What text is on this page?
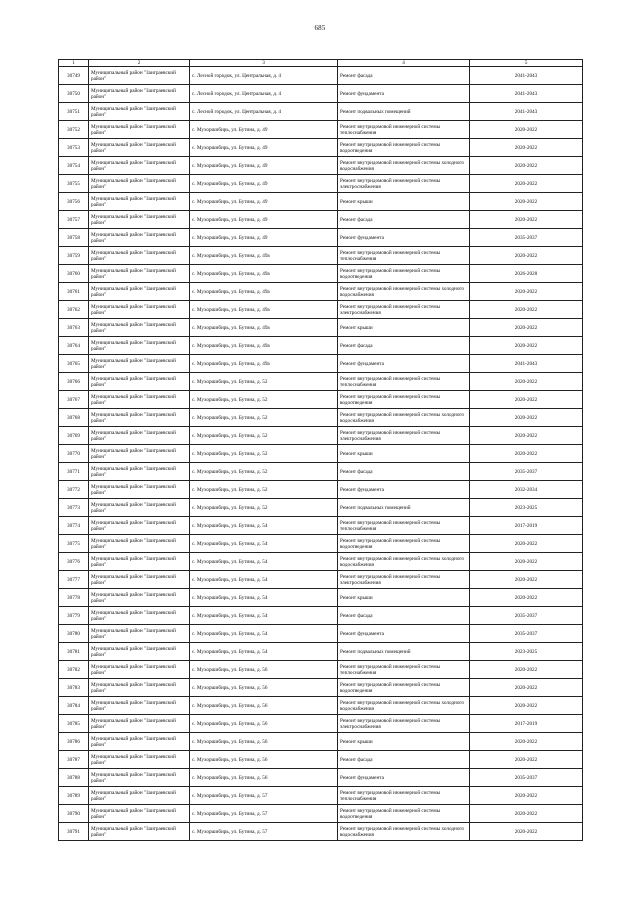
685
1	2	3	4	5
30749	Муниципальный район "Заиграевский район"	с. Лесной городок, ул. Центральная, д. 4	Ремонт фасада	2041-2043
30750	Муниципальный район "Заиграевский район"	с. Лесной городок, ул. Центральная, д. 4	Ремонт фундамента	2041-2043
30751	Муниципальный район "Заиграевский район"	с. Лесной городок, ул. Центральная, д. 4	Ремонт подвальных помещений	2041-2043
30752	Муниципальный район "Заиграевский район"	с. Мухоршибирь, ул. Бутина, д. 49	Ремонт внутридомовой инженерной системы теплоснабжения	2020-2022
30753	Муниципальный район "Заиграевский район"	с. Мухоршибирь, ул. Бутина, д. 49	Ремонт внутридомовой инженерной системы водоотведения	2020-2022
30754	Муниципальный район "Заиграевский район"	с. Мухоршибирь, ул. Бутина, д. 49	Ремонт внутридомовой инженерной системы холодного водоснабжения	2020-2022
30755	Муниципальный район "Заиграевский район"	с. Мухоршибирь, ул. Бутина, д. 49	Ремонт внутридомовой инженерной системы электроснабжения	2020-2022
30756	Муниципальный район "Заиграевский район"	с. Мухоршибирь, ул. Бутина, д. 49	Ремонт крыши	2020-2022
30757	Муниципальный район "Заиграевский район"	с. Мухоршибирь, ул. Бутина, д. 49	Ремонт фасада	2020-2022
30758	Муниципальный район "Заиграевский район"	с. Мухоршибирь, ул. Бутина, д. 49	Ремонт фундамента	2035-2037
30759	Муниципальный район "Заиграевский район"	с. Мухоршибирь, ул. Бутина, д. 49а	Ремонт внутридомовой инженерной системы теплоснабжения	2020-2022
30760	Муниципальный район "Заиграевский район"	с. Мухоршибирь, ул. Бутина, д. 49а	Ремонт внутридомовой инженерной системы водоотведения	2026-2028
30761	Муниципальный район "Заиграевский район"	с. Мухоршибирь, ул. Бутина, д. 49а	Ремонт внутридомовой инженерной системы холодного водоснабжения	2020-2022
30762	Муниципальный район "Заиграевский район"	с. Мухоршибирь, ул. Бутина, д. 49а	Ремонт внутридомовой инженерной системы электроснабжения	2020-2022
30763	Муниципальный район "Заиграевский район"	с. Мухоршибирь, ул. Бутина, д. 49а	Ремонт крыши	2020-2022
30764	Муниципальный район "Заиграевский район"	с. Мухоршибирь, ул. Бутина, д. 49а	Ремонт фасада	2020-2022
30765	Муниципальный район "Заиграевский район"	с. Мухоршибирь, ул. Бутина, д. 49а	Ремонт фундамента	2041-2043
30766	Муниципальный район "Заиграевский район"	с. Мухоршибирь, ул. Бутина, д. 52	Ремонт внутридомовой инженерной системы теплоснабжения	2020-2022
30767	Муниципальный район "Заиграевский район"	с. Мухоршибирь, ул. Бутина, д. 52	Ремонт внутридомовой инженерной системы водоотведения	2020-2022
30768	Муниципальный район "Заиграевский район"	с. Мухоршибирь, ул. Бутина, д. 52	Ремонт внутридомовой инженерной системы холодного водоснабжения	2020-2022
30769	Муниципальный район "Заиграевский район"	с. Мухоршибирь, ул. Бутина, д. 52	Ремонт внутридомовой инженерной системы электроснабжения	2020-2022
30770	Муниципальный район "Заиграевский район"	с. Мухоршибирь, ул. Бутина, д. 52	Ремонт крыши	2020-2022
30771	Муниципальный район "Заиграевский район"	с. Мухоршибирь, ул. Бутина, д. 52	Ремонт фасада	2035-2037
30772	Муниципальный район "Заиграевский район"	с. Мухоршибирь, ул. Бутина, д. 52	Ремонт фундамента	2032-2034
30773	Муниципальный район "Заиграевский район"	с. Мухоршибирь, ул. Бутина, д. 52	Ремонт подвальных помещений	2023-2025
30774	Муниципальный район "Заиграевский район"	с. Мухоршибирь, ул. Бутина, д. 54	Ремонт внутридомовой инженерной системы теплоснабжения	2017-2019
30775	Муниципальный район "Заиграевский район"	с. Мухоршибирь, ул. Бутина, д. 54	Ремонт внутридомовой инженерной системы водоотведения	2020-2022
30776	Муниципальный район "Заиграевский район"	с. Мухоршибирь, ул. Бутина, д. 54	Ремонт внутридомовой инженерной системы холодного водоснабжения	2020-2022
30777	Муниципальный район "Заиграевский район"	с. Мухоршибирь, ул. Бутина, д. 54	Ремонт внутридомовой инженерной системы электроснабжения	2020-2022
30778	Муниципальный район "Заиграевский район"	с. Мухоршибирь, ул. Бутина, д. 54	Ремонт крыши	2020-2022
30779	Муниципальный район "Заиграевский район"	с. Мухоршибирь, ул. Бутина, д. 54	Ремонт фасада	2035-2037
30780	Муниципальный район "Заиграевский район"	с. Мухоршибирь, ул. Бутина, д. 54	Ремонт фундамента	2035-2037
30781	Муниципальный район "Заиграевский район"	с. Мухоршибирь, ул. Бутина, д. 54	Ремонт подвальных помещений	2023-2025
30782	Муниципальный район "Заиграевский район"	с. Мухоршибирь, ул. Бутина, д. 56	Ремонт внутридомовой инженерной системы теплоснабжения	2020-2022
30783	Муниципальный район "Заиграевский район"	с. Мухоршибирь, ул. Бутина, д. 56	Ремонт внутридомовой инженерной системы водоотведения	2020-2022
30784	Муниципальный район "Заиграевский район"	с. Мухоршибирь, ул. Бутина, д. 56	Ремонт внутридомовой инженерной системы холодного водоснабжения	2020-2022
30785	Муниципальный район "Заиграевский район"	с. Мухоршибирь, ул. Бутина, д. 56	Ремонт внутридомовой инженерной системы электроснабжения	2017-2019
30786	Муниципальный район "Заиграевский район"	с. Мухоршибирь, ул. Бутина, д. 56	Ремонт крыши	2020-2022
30787	Муниципальный район "Заиграевский район"	с. Мухоршибирь, ул. Бутина, д. 56	Ремонт фасада	2020-2022
30788	Муниципальный район "Заиграевский район"	с. Мухоршибирь, ул. Бутина, д. 56	Ремонт фундамента	2035-2037
30789	Муниципальный район "Заиграевский район"	с. Мухоршибирь, ул. Бутина, д. 57	Ремонт внутридомовой инженерной системы теплоснабжения	2020-2022
30790	Муниципальный район "Заиграевский район"	с. Мухоршибирь, ул. Бутина, д. 57	Ремонт внутридомовой инженерной системы водоотведения	2020-2022
30791	Муниципальный район "Заиграевский район"	с. Мухоршибирь, ул. Бутина, д. 57	Ремонт внутридомовой инженерной системы холодного водоснабжения	2020-2022
